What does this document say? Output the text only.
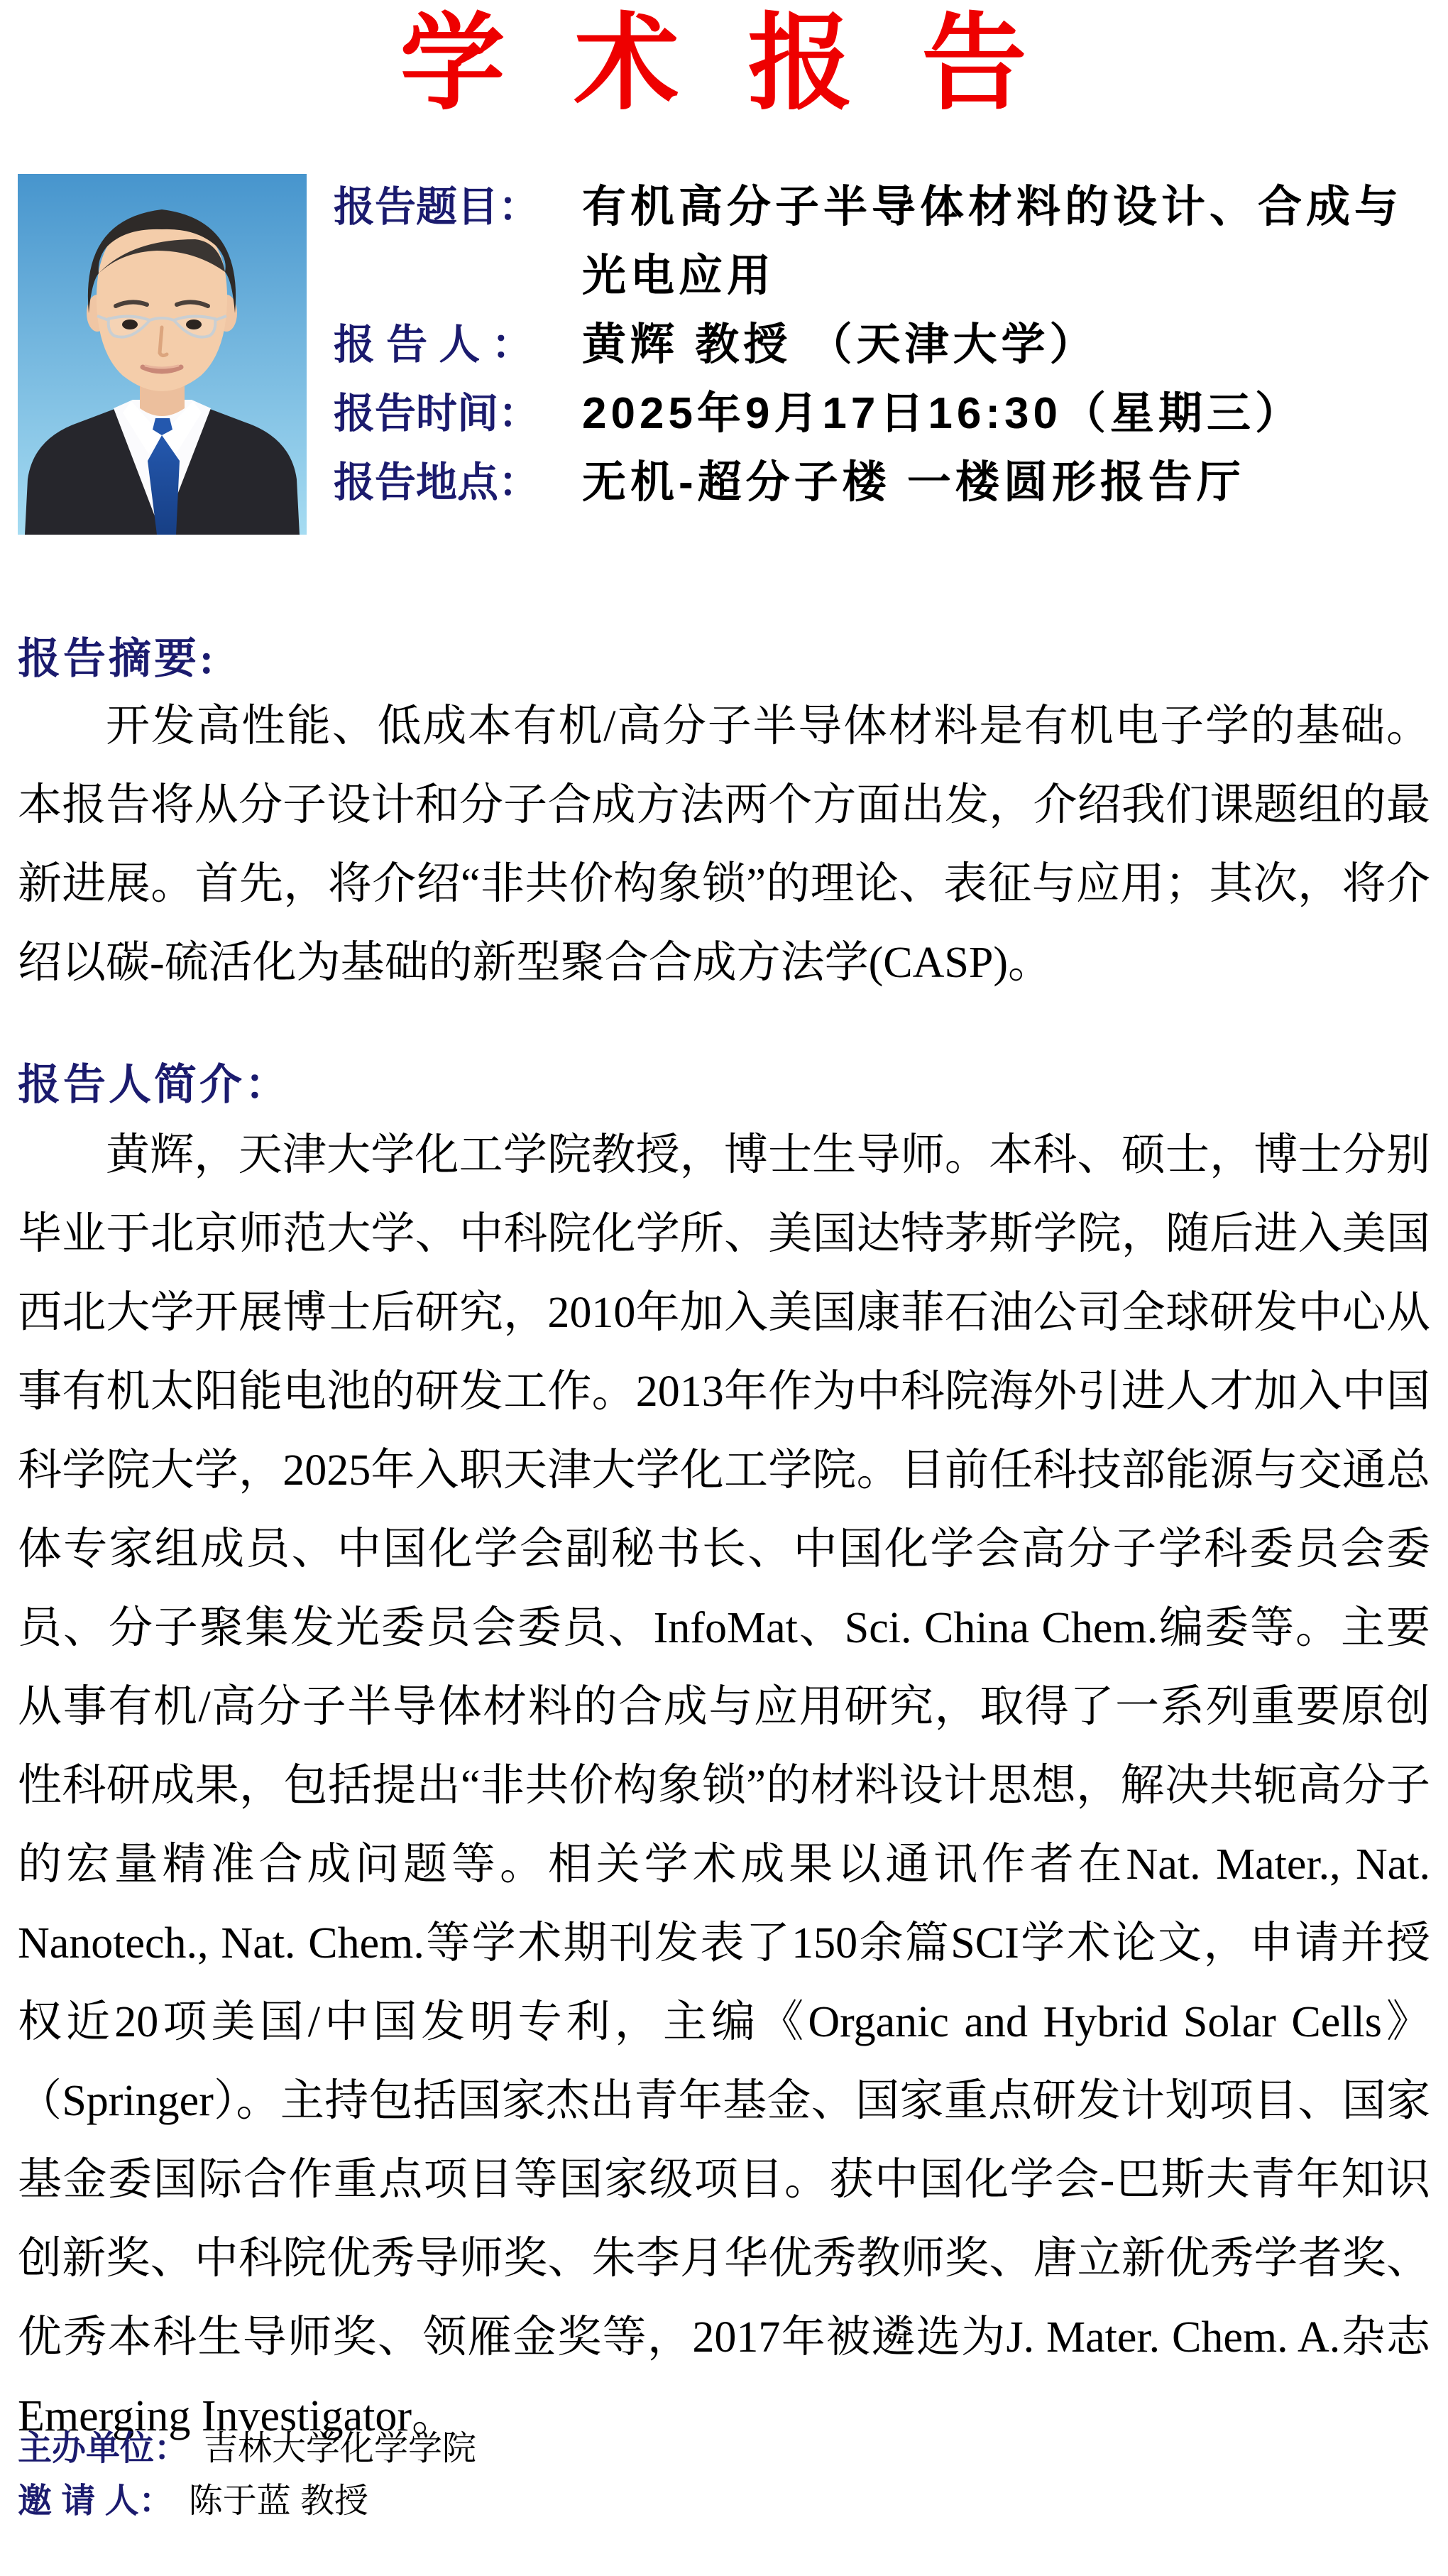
学 术 报 告
报告题目： 有机高分子半导体材料的设计、合成与光电应用
报 告 人 ：	黄辉 教授 （天津大学）
报告时间： 2025年9月17日16:30（星期三）
报告地点： 无机-超分子楼 一楼圆形报告厅
报告摘要:

开发高性能、低成本有机/高分子半导体材料是有机电子学的基础。本报告将从分子设计和分子合成方法两个方面出发，介绍我们课题组的最新进展。首先，将介绍“非共价构象锁”的理论、表征与应用；其次，将介绍以碳-硫活化为基础的新型聚合合成方法学(CASP)。

报告人简介：

黄辉，天津大学化工学院教授，博士生导师。本科、硕士，博士分别毕业于北京师范大学、中科院化学所、美国达特茅斯学院，随后进入美国西北大学开展博士后研究，2010年加入美国康菲石油公司全球研发中心从事有机太阳能电池的研发工作。2013年作为中科院海外引进人才加入中国科学院大学，2025年入职天津大学化工学院。目前任科技部能源与交通总体专家组成员、中国化学会副秘书长、中国化学会高分子学科委员会委员、分子聚集发光委员会委员、InfoMat、Sci. China Chem.编委等。主要从事有机/高分子半导体材料的合成与应用研究，取得了一系列重要原创性科研成果，包括提出“非共价构象锁”的材料设计思想，解决共轭高分子的宏量精准合成问题等。相关学术成果以通讯作者在Nat. Mater., Nat. Nanotech., Nat. Chem.等学术期刊发表了150余篇SCI学术论文，申请并授权近20项美国/中国发明专利，主编《Organic and Hybrid Solar Cells》（Springer）。主持包括国家杰出青年基金、国家重点研发计划项目、国家基金委国际合作重点项目等国家级项目。获中国化学会-巴斯夫青年知识创新奖、中科院优秀导师奖、朱李月华优秀教师奖、唐立新优秀学者奖、优秀本科生导师奖、领雁金奖等，2017年被遴选为J. Mater. Chem. A.杂志Emerging Investigator。

主办单位： 吉林大学化学学院
邀 请 人： 陈于蓝 教授
